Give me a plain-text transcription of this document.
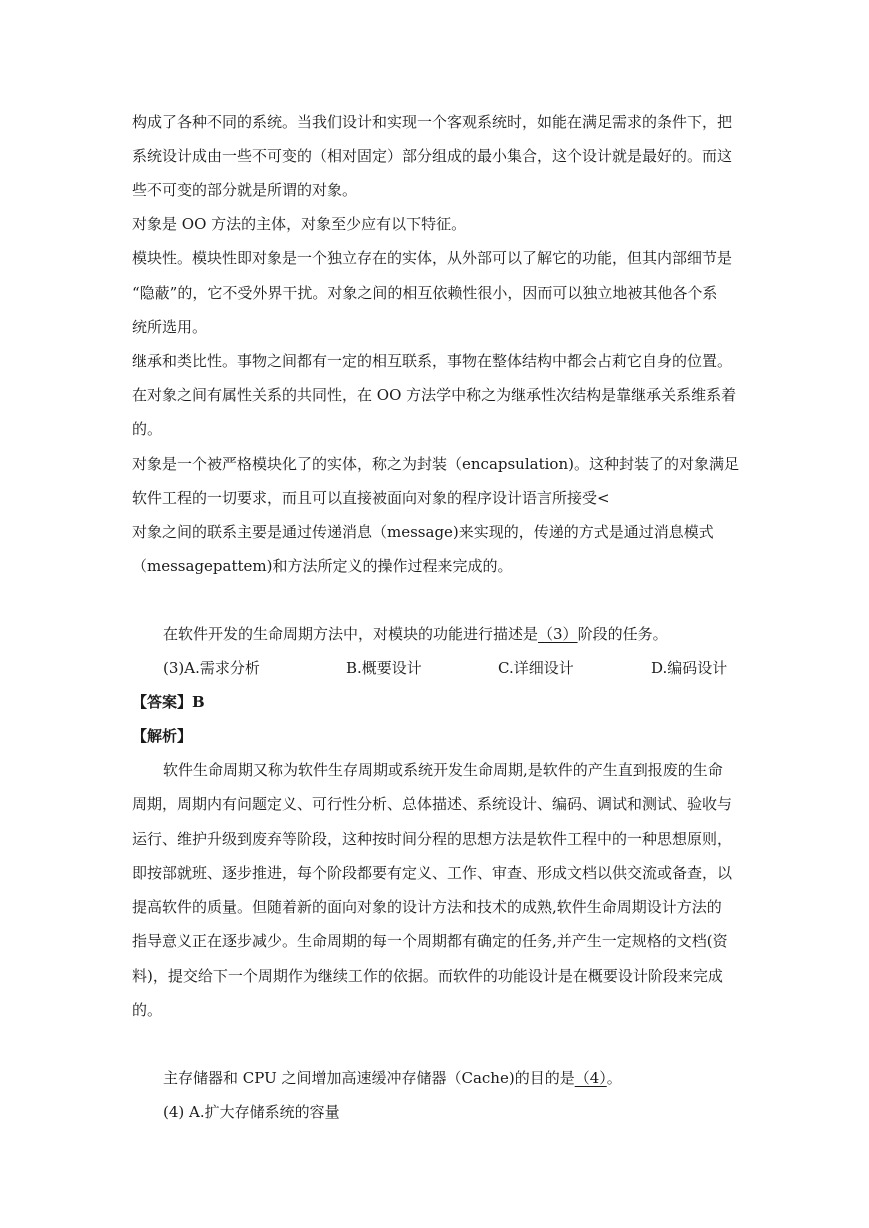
构成了各种不同的系统。当我们设计和实现一个客观系统时，如能在满足需求的条件下，把
系统设计成由一些不可变的（相对固定）部分组成的最小集合，这个设计就是最好的。而这
些不可变的部分就是所谓的对象。
对象是 OO 方法的主体，对象至少应有以下特征。
模块性。模块性即对象是一个独立存在的实体，从外部可以了解它的功能，但其内部细节是
“隐蔽”的，它不受外界干扰。对象之间的相互依赖性很小，因而可以独立地被其他各个系
统所选用。
继承和类比性。事物之间都有一定的相互联系，事物在整体结构中都会占莉它自身的位置。
在对象之间有属性关系的共同性，在 OO 方法学中称之为继承性次结构是靠继承关系维系着
的。
对象是一个被严格模块化了的实体，称之为封装（encapsulation)。这种封装了的对象满足
软件工程的一切要求，而且可以直接被面向对象的程序设计语言所接受<
对象之间的联系主要是通过传递消息（message)来实现的，传递的方式是通过消息模式
（messagepattem)和方法所定义的操作过程来完成的。
在软件开发的生命周期方法中，对模块的功能进行描述是（3）阶段的任务。
(3)A.需求分析	B.概要设计	C.详细设计	D.编码设计
【答案】B
【解析】
软件生命周期又称为软件生存周期或系统开发生命周期,是软件的产生直到报废的生命
周期，周期内有问题定义、可行性分析、总体描述、系统设计、编码、调试和测试、验收与
运行、维护升级到废弃等阶段，这种按时间分程的思想方法是软件工程中的一种思想原则，
即按部就班、逐步推进，每个阶段都要有定义、工作、审查、形成文档以供交流或备查，以
提高软件的质量。但随着新的面向对象的设计方法和技术的成熟,软件生命周期设计方法的
指导意义正在逐步减少。生命周期的每一个周期都有确定的任务,并产生一定规格的文档(资
料)，提交给下一个周期作为继续工作的依据。而软件的功能设计是在概要设计阶段来完成
的。
主存储器和 CPU 之间增加高速缓冲存储器（Cache)的目的是（4）。
(4) A.扩大存储系统的容量
